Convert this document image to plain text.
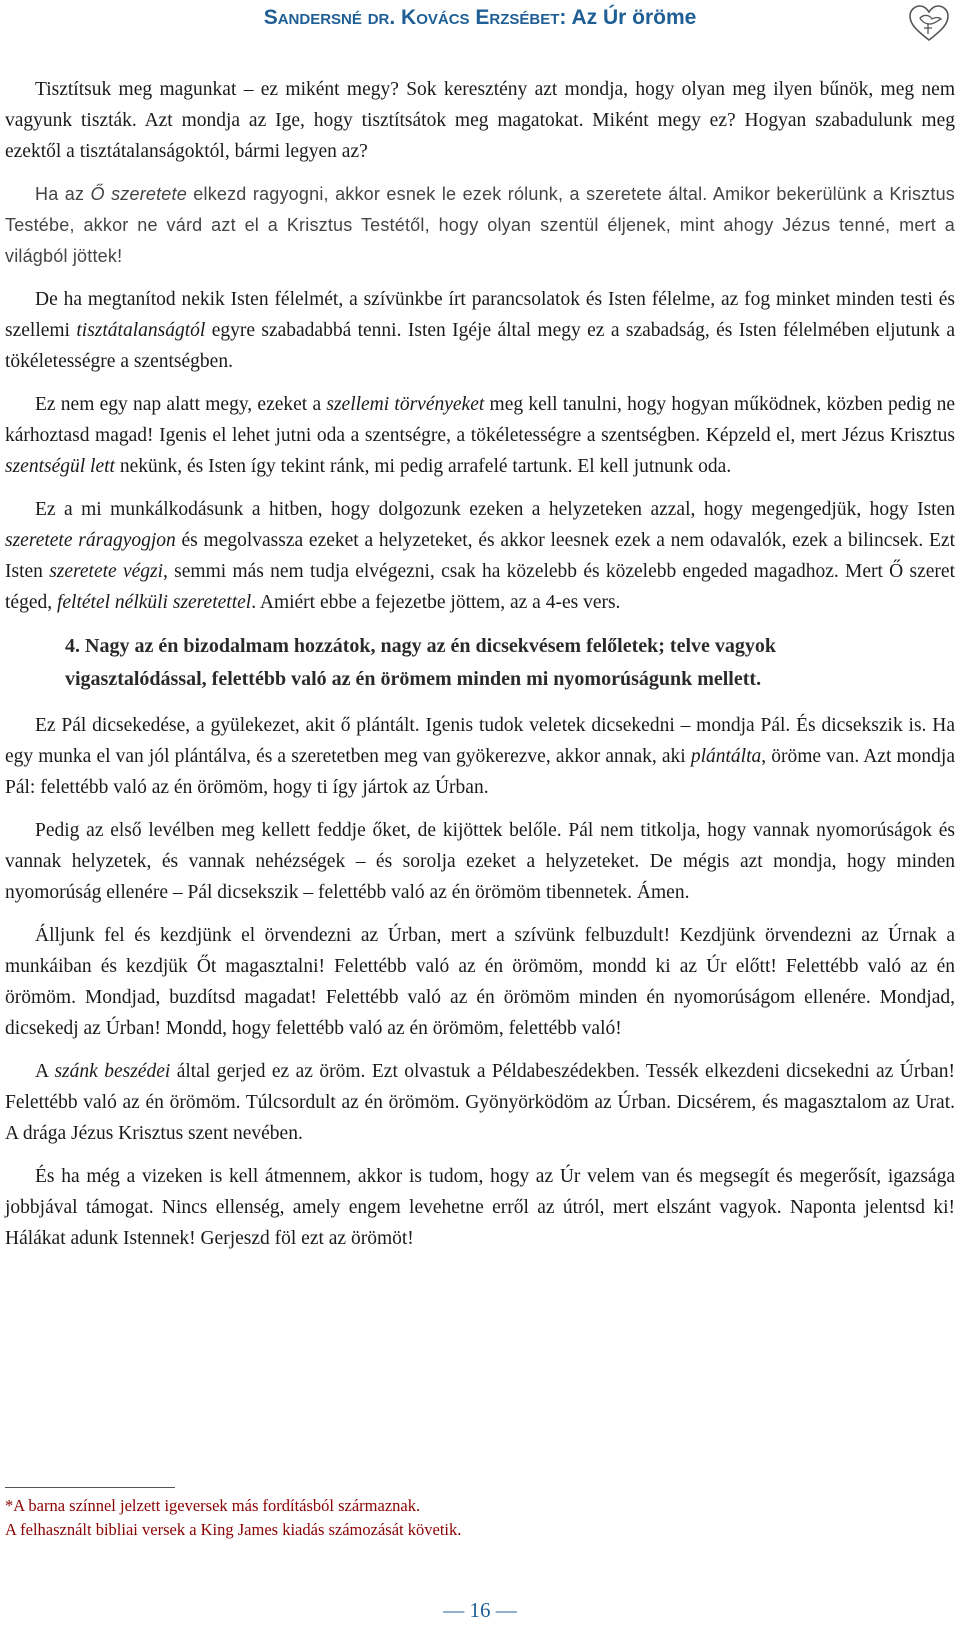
Sandersné dr. Kovács Erzsébet: Az Úr öröme

Tisztítsuk meg magunkat – ez miként megy? Sok keresztény azt mondja, hogy olyan meg ilyen bűnök, meg nem vagyunk tiszták. Azt mondja az Ige, hogy tisztítsátok meg magatokat. Miként megy ez? Hogyan szabadulunk meg ezektől a tisztátalanságoktól, bármi legyen az?

Ha az Ő szeretete elkezd ragyogni, akkor esnek le ezek rólunk, a szeretete által. Amikor bekerülünk a Krisztus Testébe, akkor ne várd azt el a Krisztus Testétől, hogy olyan szentül éljenek, mint ahogy Jézus tenné, mert a világból jöttek!

De ha megtanítod nekik Isten félelmét, a szívünkbe írt parancsolatok és Isten félelme, az fog minket minden testi és szellemi tisztátalanságtól egyre szabadabbá tenni. Isten Igéje által megy ez a szabadság, és Isten félelmében eljutunk a tökéletességre a szentségben.

Ez nem egy nap alatt megy, ezeket a szellemi törvényeket meg kell tanulni, hogy hogyan működnek, közben pedig ne kárhoztasd magad! Igenis el lehet jutni oda a szentségre, a tökéletességre a szentségben. Képzeld el, mert Jézus Krisztus szentségül lett nekünk, és Isten így tekint ránk, mi pedig arrafelé tartunk. El kell jutnunk oda.

Ez a mi munkálkodásunk a hitben, hogy dolgozunk ezeken a helyzeteken azzal, hogy megengedjük, hogy Isten szeretete ráragyogjon és megolvassza ezeket a helyzeteket, és akkor leesnek ezek a nem odavalók, ezek a bilincsek. Ezt Isten szeretete végzi, semmi más nem tudja elvégezni, csak ha közelebb és közelebb engeded magadhoz. Mert Ő szeret téged, feltétel nélküli szeretettel. Amiért ebbe a fejezetbe jöttem, az a 4-es vers.

4. Nagy az én bizodalmam hozzátok, nagy az én dicsekvésem felőletek; telve vagyok vigasztalódással, felettébb való az én örömem minden mi nyomorúságunk mellett.

Ez Pál dicsekedése, a gyülekezet, akit ő plántált. Igenis tudok veletek dicsekedni – mondja Pál. És dicsekszik is. Ha egy munka el van jól plántálva, és a szeretetben meg van gyökerezve, akkor annak, aki plántálta, öröme van. Azt mondja Pál: felettébb való az én örömöm, hogy ti így jártok az Úrban.

Pedig az első levélben meg kellett feddje őket, de kijöttek belőle. Pál nem titkolja, hogy vannak nyomorúságok és vannak helyzetek, és vannak nehézségek – és sorolja ezeket a helyzeteket. De mégis azt mondja, hogy minden nyomorúság ellenére – Pál dicsekszik – felettébb való az én örömöm tibennetek. Ámen.

Álljunk fel és kezdjünk el örvendezni az Úrban, mert a szívünk felbuzdult! Kezdjünk örvendezni az Úrnak a munkáiban és kezdjük Őt magasztalni! Felettébb való az én örömöm, mondd ki az Úr előtt! Felettébb való az én örömöm. Mondjad, buzdítsd magadat! Felettébb való az én örömöm minden én nyomorúságom ellenére. Mondjad, dicsekedj az Úrban! Mondd, hogy felettébb való az én örömöm, felettébb való!

A szánk beszédei által gerjed ez az öröm. Ezt olvastuk a Példabeszédekben. Tessék elkezdeni dicsekedni az Úrban! Felettébb való az én örömöm. Túlcsordult az én örömöm. Gyönyörködöm az Úrban. Dicsérem, és magasztalom az Urat. A drága Jézus Krisztus szent nevében.

És ha még a vizeken is kell átmennem, akkor is tudom, hogy az Úr velem van és megsegít és megerősít, igazsága jobbjával támogat. Nincs ellenség, amely engem levehetne erről az útról, mert elszánt vagyok. Naponta jelentsd ki! Hálákat adunk Istennek! Gerjeszd föl ezt az örömöt!

*A barna színnel jelzett igeversek más fordításból származnak.
A felhasznált bibliai versek a King James kiadás számozását követik.
— 16 —
